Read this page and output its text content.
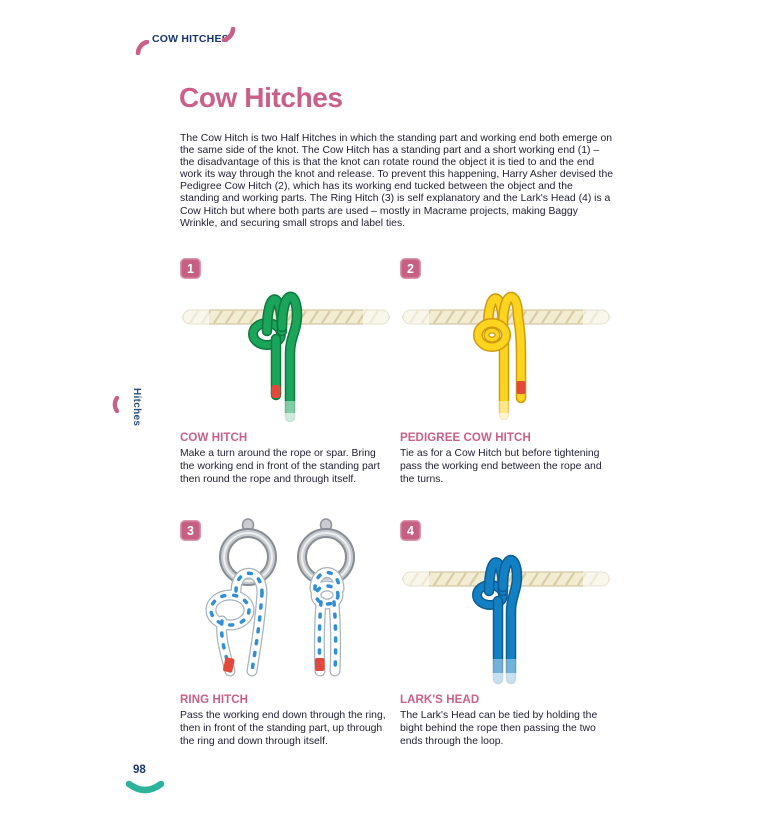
COW HITCHES
Cow Hitches

The Cow Hitch is two Half Hitches in which the standing part and working end both emerge on the same side of the knot. The Cow Hitch has a standing part and a short working end (1) – the disadvantage of this is that the knot can rotate round the object it is tied to and the end work its way through the knot and release. To prevent this happening, Harry Asher devised the Pedigree Cow Hitch (2), which has its working end tucked between the object and the standing and working parts. The Ring Hitch (3) is self explanatory and the Lark's Head (4) is a Cow Hitch but where both parts are used – mostly in Macrame projects, making Baggy Wrinkle, and securing small strops and label ties.

1
COW HITCH

Make a turn around the rope or spar. Bring the working end in front of the standing part then round the rope and through itself.

2
PEDIGREE COW HITCH

Tie as for a Cow Hitch but before tightening pass the working end between the rope and the turns.

3
RING HITCH

Pass the working end down through the ring, then in front of the standing part, up through the ring and down through itself.

4
LARK'S HEAD

The Lark's Head can be tied by holding the bight behind the rope then passing the two ends through the loop.

Hitches
98
